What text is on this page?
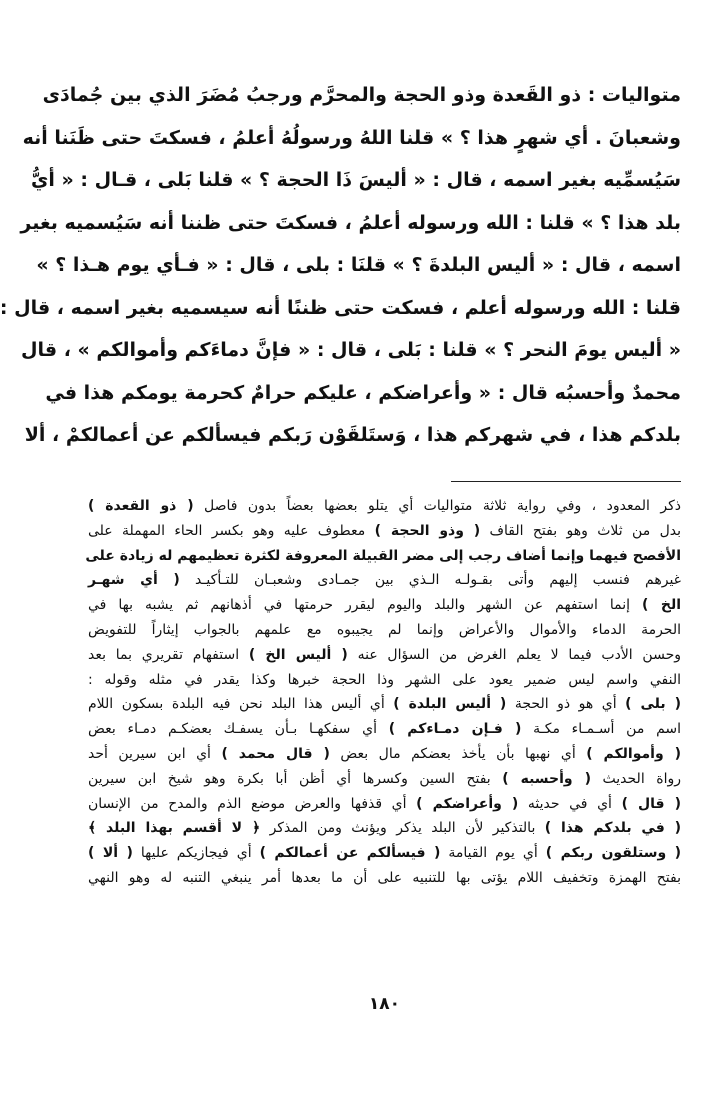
متواليات : ذو القَعدة وذو الحجة والمحرَّم ورجبُ مُضَرَ الذي بين جُمادَى
وشعبانَ . أي شهرٍ هذا ؟ » قلنا اللهُ ورسولُهُ أعلمُ ، فسكتَ حتى ظَنَنا أنه
سَيُسمِّيه بغير اسمه ، قال : « أليسَ ذَا الحجة ؟ » قلنا بَلى ، قـال : « أيُّ
بلد هذا ؟ » قلنا : الله ورسوله أعلمُ ، فسكتَ حتى ظننا أنه سَيُسميه بغير
اسمه ، قال : « أليس البلدةَ ؟ » قلنَا : بلى ، قال : « فـأي يوم هـذا ؟ »
قلنا : الله ورسوله أعلم ، فسكت حتى ظننًا أنه سيسميه بغير اسمه ، قال :
« أليس يومَ النحر ؟ » قلنا : بَلى ، قال : « فإنَّ دماءَكم وأموالكم » ، قال
محمدٌ وأحسبُه قال : « وأعراضكم ، عليكم حرامٌ كحرمة يومكم هذا في
بلدكم هذا ، في شهركم هذا ، وَستَلقَوْن رَبكم فيسألكم عن أعمالكمْ ، ألا
ذكر المعدود ، وفي رواية ثلاثة متواليات أي يتلو بعضها بعضاً بدون فاصل ( ذو القعدة )
بدل من ثلاث وهو بفتح القاف ( وذو الحجة ) معطوف عليه وهو بكسر الحاء المهملة على
الأفصح فيهما وإنما أضاف رجب إلى مضر القبيلة المعروفة لكثرة تعظيمهم له زيادة على
غيرهم فنسب إليهم وأتى بقـولـه الـذي بين جمـادى وشعبـان للتـأكيـد ( أي شهـر
الخ ) إنما استفهم عن الشهر والبلد واليوم ليقرر حرمتها في أذهانهم ثم يشبه بها في
الحرمة الدماء والأموال والأعراض وإنما لم يجيبوه مع علمهم بالجواب إيثاراً للتفويض
وحسن الأدب فيما لا يعلم الغرض من السؤال عنه ( أليس الخ ) استفهام تقريري بما بعد
النفي واسم ليس ضمير يعود على الشهر وذا الحجة خبرها وكذا يقدر في مثله وقوله :
( بلى ) أي هو ذو الحجة ( أليس البلدة ) أي أليس هذا البلد نحن فيه البلدة بسكون اللام
اسم من أسـمـاء مكـة ( فـإن دمـاءكم ) أي سفكهـا بـأن يسفـك بعضكـم دمـاء بعض
( وأموالكم ) أي نهبها بأن يأخذ بعضكم مال بعض ( قال محمد ) أي ابن سيرين أحد
رواة الحديث ( وأحسبه ) بفتح السين وكسرها أي أظن أبا بكرة وهو شيخ ابن سيرين
( قال ) أي في حديثه ( وأعراضكم ) أي قذفها والعرض موضع الذم والمدح من الإنسان
( في بلدكم هذا ) بالتذكير لأن البلد يذكر ويؤنث ومن المذكر ﴿ لا أقسم بهذا البلد ﴾
( وستلقون ربكم ) أي يوم القيامة ( فيسألكم عن أعمالكم ) أي فيجازيكم عليها ( ألا )
بفتح الهمزة وتخفيف اللام يؤتى بها للتنبيه على أن ما بعدها أمر ينبغي التنبه له وهو النهي
١٨٠
